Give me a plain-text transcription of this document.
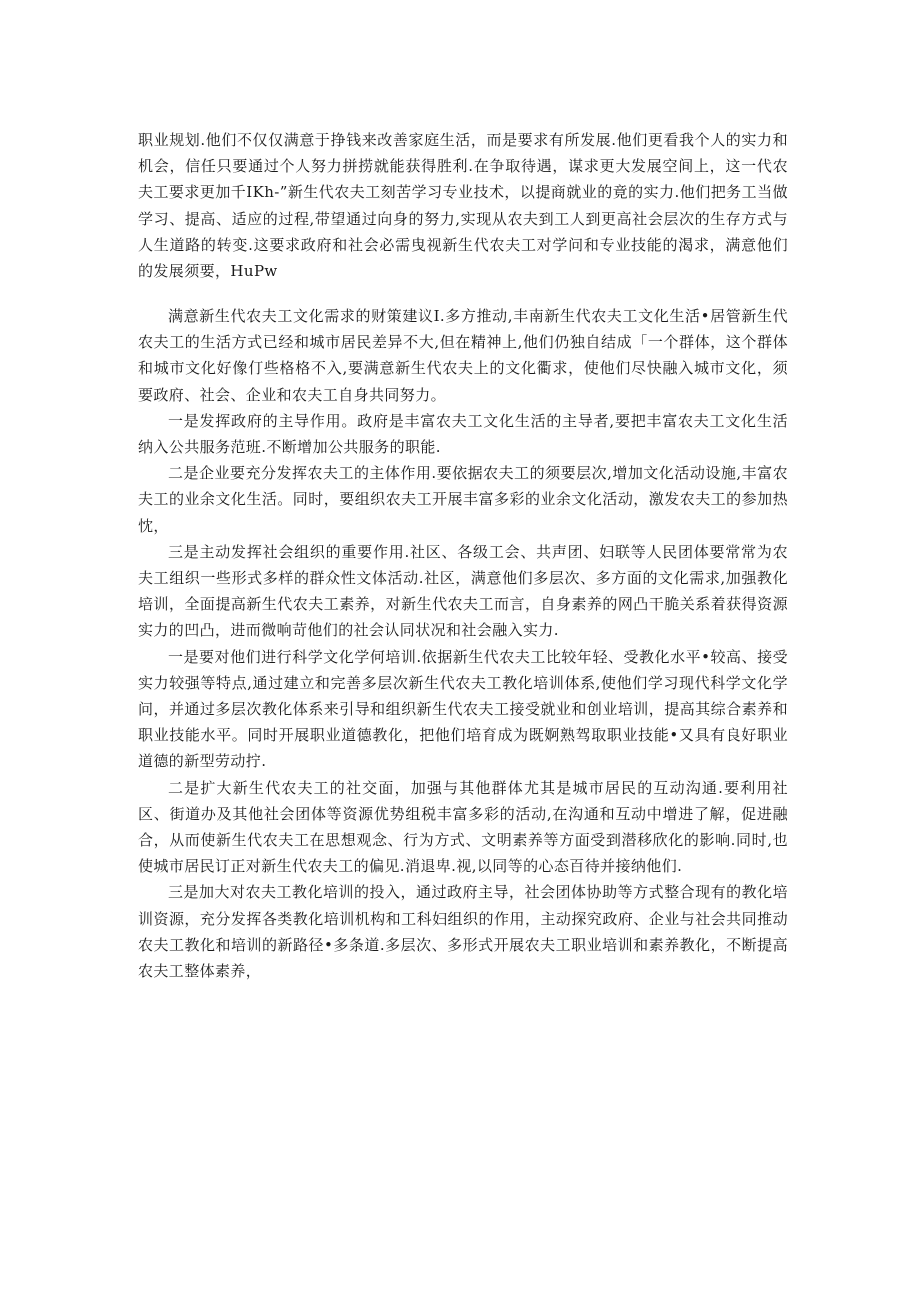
职业规划.他们不仅仅满意于挣钱来改善家庭生活，而是要求有所发展.他们更看我个人的实力和机会，信任只要通过个人努力拼捞就能获得胜利.在争取待遇，谋求更大发展空间上，这一代农夫工要求更加千IKh-”新生代农夫工刻苦学习专业技术，以提商就业的竟的实力.他们把务工当做学习、提高、适应的过程,带望通过向身的努力,实现从农夫到工人到更高社会层次的生存方式与人生道路的转变.这要求政府和社会必需曳视新生代农夫工对学问和专业技能的渴求，满意他们的发展须要，HuPw

满意新生代农夫工文化需求的财策建议I.多方推动,丰南新生代农夫工文化生活•居管新生代农夫工的生活方式已经和城市居民差异不大,但在精神上,他们仍独自结成「一个群体，这个群体和城市文化好像仃些格格不入,要满意新生代农夫上的文化衢求，使他们尽快融入城市文化，须要政府、社会、企业和农夫工自身共同努力。

一是发挥政府的主导作用。政府是丰富农夫工文化生活的主导者,要把丰富农夫工文化生活纳入公共服务范班.不断增加公共服务的职能.

二是企业要充分发挥农夫工的主体作用.要依据农夫工的须要层次,增加文化活动设施,丰富农夫工的业余文化生活。同时，要组织农夫工开展丰富多彩的业余文化活动，激发农夫工的参加热忱，

三是主动发挥社会组织的重要作用.社区、各级工会、共声团、妇联等人民团体要常常为农夫工组织一些形式多样的群众性文体活动.社区，满意他们多层次、多方面的文化需求,加强教化培训，全面提高新生代农夫工素养，对新生代农夫工而言，自身素养的网凸干脆关系着获得资源实力的凹凸，进而微响苛他们的社会认同状况和社会融入实力.

一是要对他们进行科学文化学何培训.依据新生代农夫工比较年轻、受教化水平•较高、接受实力较强等特点,通过建立和完善多层次新生代农夫工教化培训体系,使他们学习现代科学文化学问，并通过多层次教化体系来引导和组织新生代农夫工接受就业和创业培训，提高其综合素养和职业技能水平。同时开展职业道德教化，把他们培育成为既婀熟驾取职业技能•又具有良好职业道德的新型劳动拧.

二是扩大新生代农夫工的社交面，加强与其他群体尤其是城市居民的互动沟通.要利用社区、街道办及其他社会团体等资源优势组税丰富多彩的活动,在沟通和互动中增进了解，促进融合，从而使新生代农夫工在思想观念、行为方式、文明素养等方面受到潜移欣化的影响.同时,也使城市居民订正对新生代农夫工的偏见.消退卑.视,以同等的心态百待并接纳他们.

三是加大对农夫工教化培训的投入，通过政府主导，社会团体协助等方式整合现有的教化培训资源，充分发挥各类教化培训机构和工科妇组织的作用，主动探究政府、企业与社会共同推动农夫工教化和培训的新路径•多条道.多层次、多形式开展农夫工职业培训和素养教化，不断提高农夫工整体素养，
